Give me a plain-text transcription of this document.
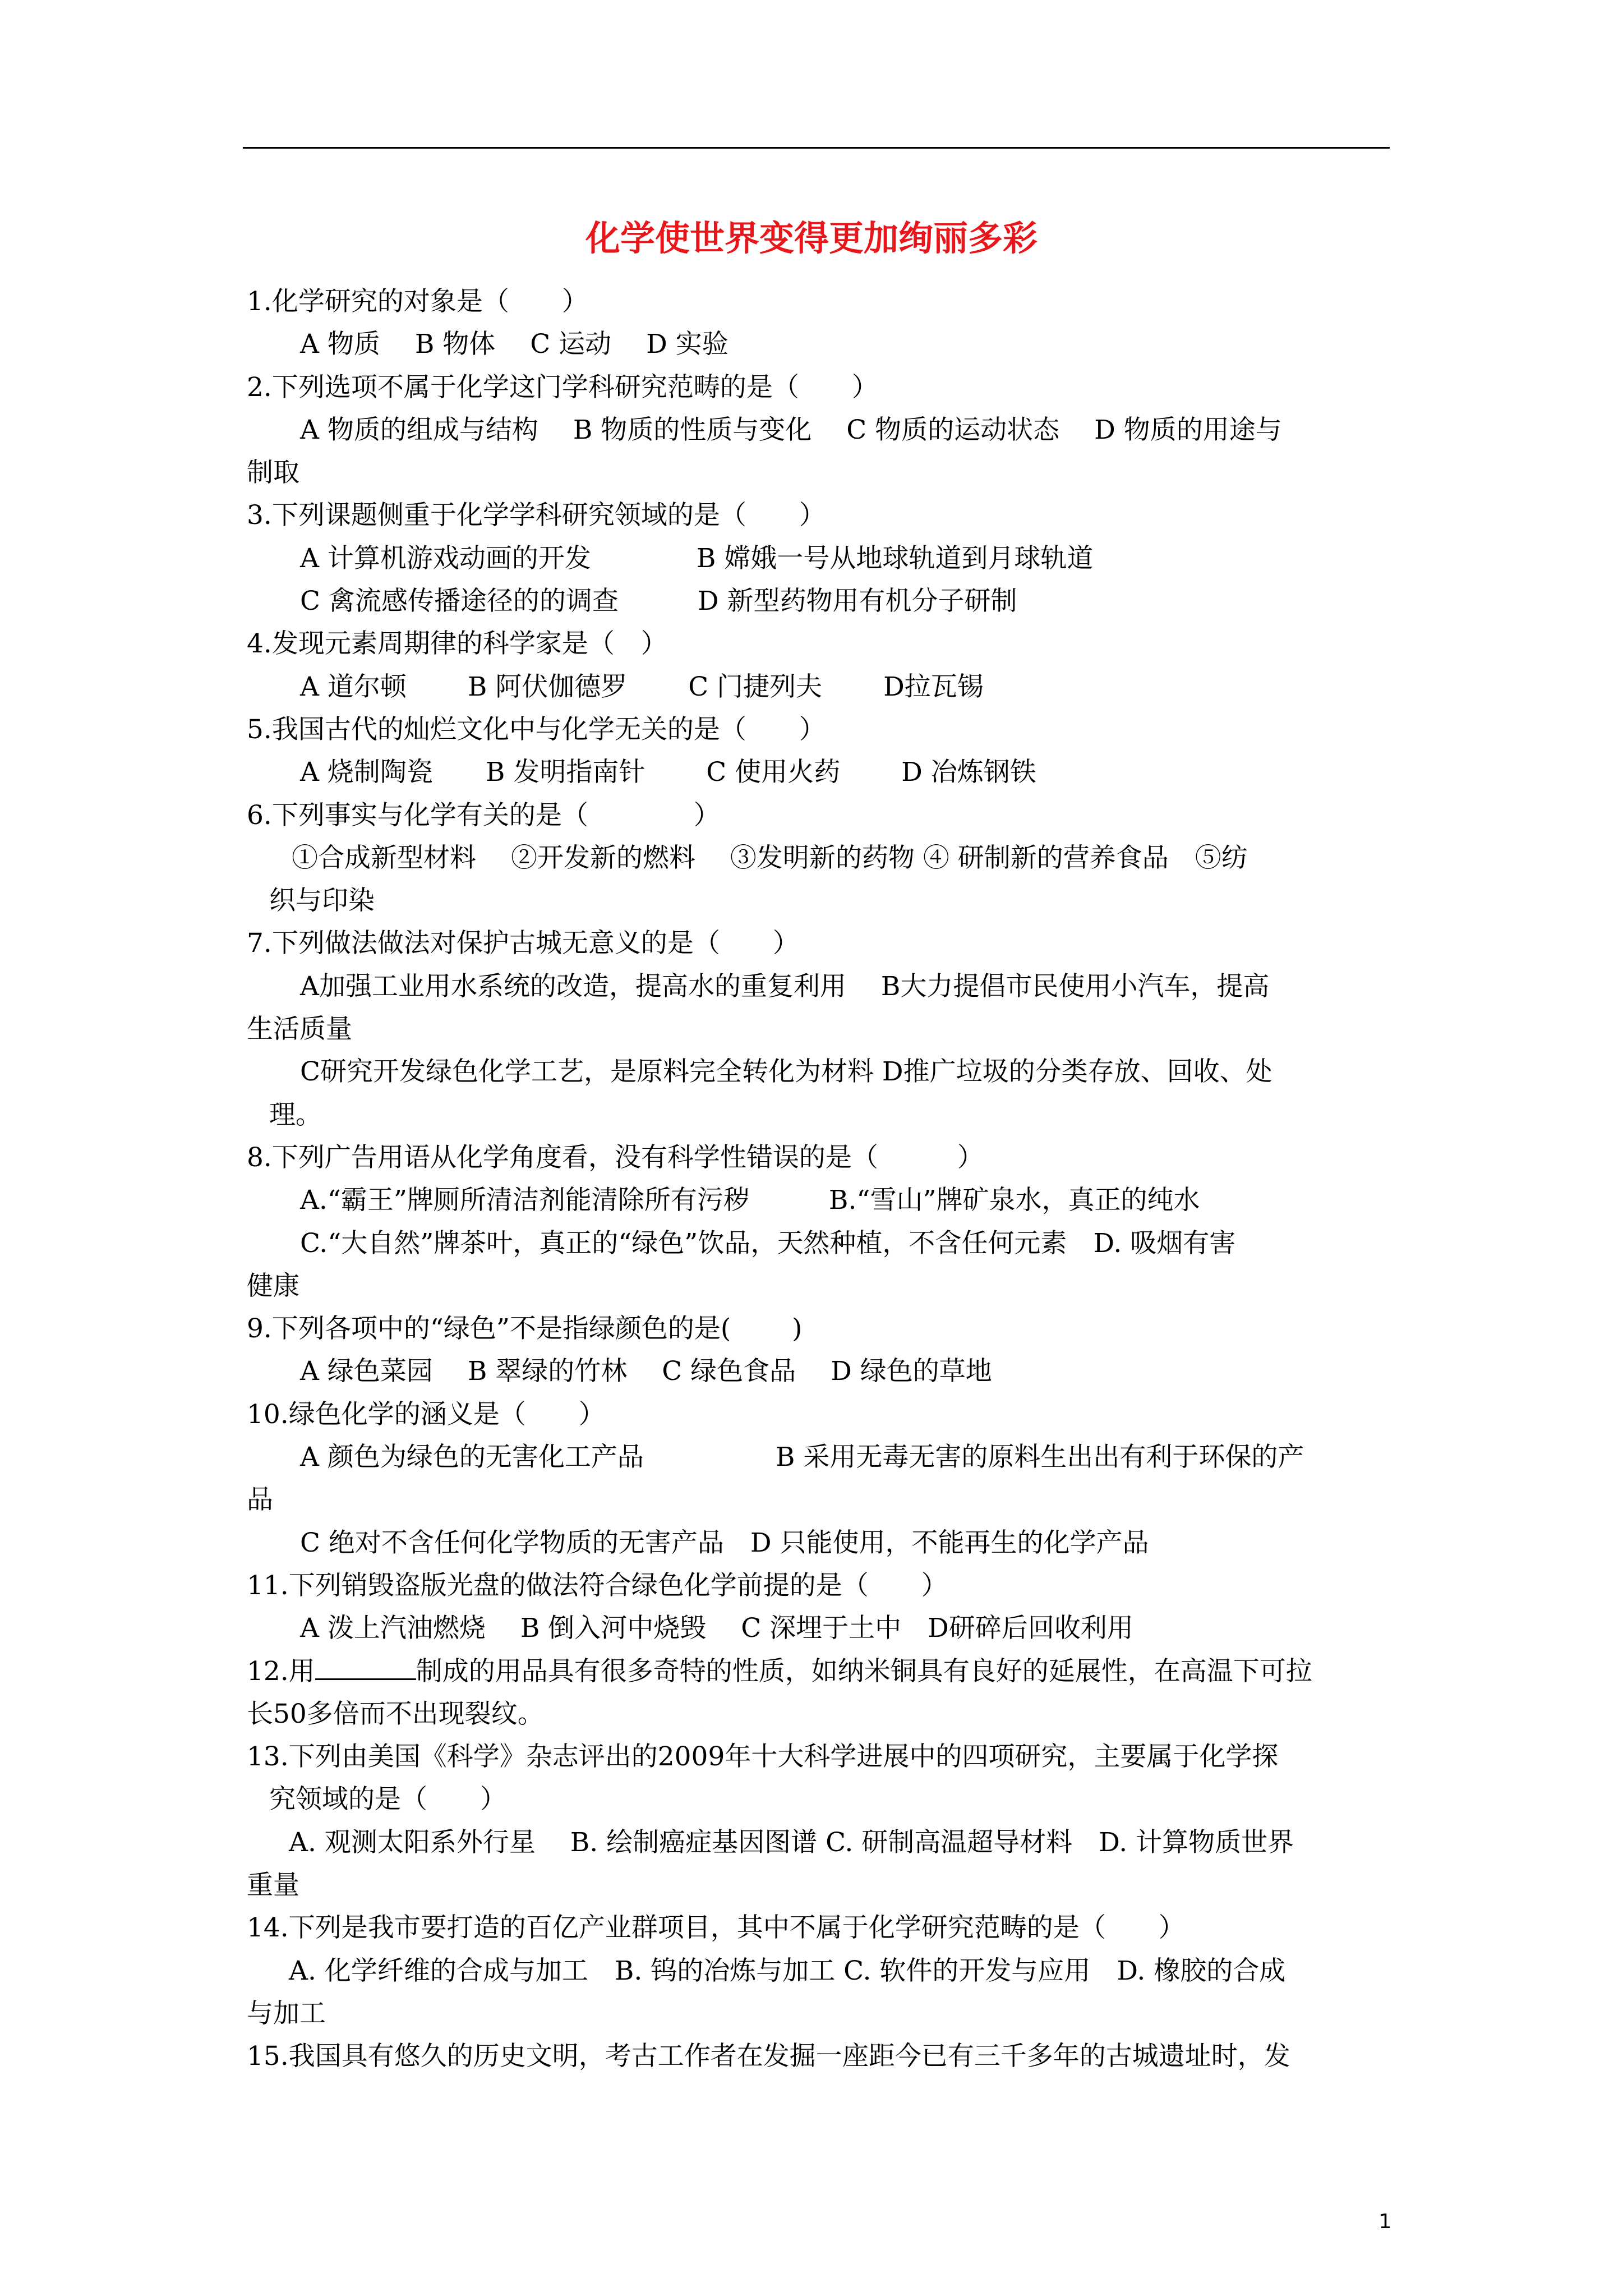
化学使世界变得更加绚丽多彩
1.化学研究的对象是（　　）
A 物质　 B 物体　 C 运动　 D 实验
2.下列选项不属于化学这门学科研究范畴的是（　　）
A 物质的组成与结构　 B 物质的性质与变化　 C 物质的运动状态　 D 物质的用途与
制取
3.下列课题侧重于化学学科研究领域的是（　　）
A 计算机游戏动画的开发　　　　B 嫦娥一号从地球轨道到月球轨道
C 禽流感传播途径的的调查　　　D 新型药物用有机分子研制
4.发现元素周期律的科学家是（　）
A 道尔顿　　 B 阿伏伽德罗　　 C 门捷列夫　　 D拉瓦锡
5.我国古代的灿烂文化中与化学无关的是（　　）
A 烧制陶瓷　　B 发明指南针　　 C 使用火药　　 D 冶炼钢铁
6.下列事实与化学有关的是（　　　　）
①合成新型材料　 ②开发新的燃料　 ③发明新的药物 ④ 研制新的营养食品　⑤纺
织与印染
7.下列做法做法对保护古城无意义的是（　　）
A加强工业用水系统的改造，提高水的重复利用　 B大力提倡市民使用小汽车，提高
生活质量
C研究开发绿色化学工艺，是原料完全转化为材料 D推广垃圾的分类存放、回收、处
理。
8.下列广告用语从化学角度看，没有科学性错误的是（　　　）
A.“霸王”牌厕所清洁剂能清除所有污秽　　　B.“雪山”牌矿泉水，真正的纯水
C.“大自然”牌茶叶，真正的“绿色”饮品，天然种植，不含任何元素　D. 吸烟有害
健康
9.下列各项中的“绿色”不是指绿颜色的是(　　 )
A 绿色菜园　 B 翠绿的竹林　 C 绿色食品　 D 绿色的草地
10.绿色化学的涵义是（　　）
A 颜色为绿色的无害化工产品　　　　　B 采用无毒无害的原料生出出有利于环保的产
品
C 绝对不含任何化学物质的无害产品　D 只能使用，不能再生的化学产品
11.下列销毁盗版光盘的做法符合绿色化学前提的是（　　）
A 泼上汽油燃烧　 B 倒入河中烧毁　 C 深埋于土中　D研碎后回收利用
12.用	制成的用品具有很多奇特的性质，如纳米铜具有良好的延展性，在高温下可拉
长50多倍而不出现裂纹。
13.下列由美国《科学》杂志评出的2009年十大科学进展中的四项研究，主要属于化学探
究领域的是（　　）
A. 观测太阳系外行星　 B. 绘制癌症基因图谱 C. 研制高温超导材料　D. 计算物质世界
重量
14.下列是我市要打造的百亿产业群项目，其中不属于化学研究范畴的是（　　）
A. 化学纤维的合成与加工　B. 钨的冶炼与加工 C. 软件的开发与应用　D. 橡胶的合成
与加工
15.我国具有悠久的历史文明，考古工作者在发掘一座距今已有三千多年的古城遗址时，发
1
